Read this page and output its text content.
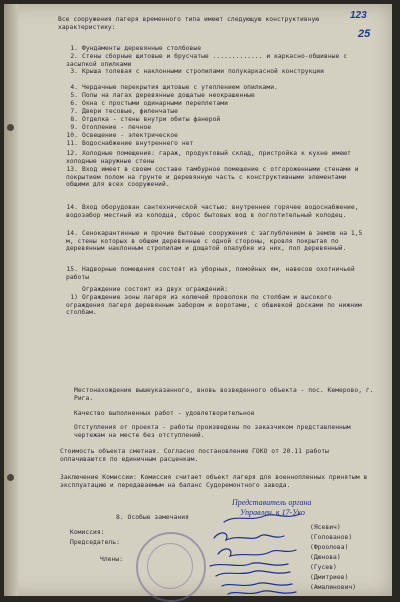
123
25
Все сооружения лагеря временного типа имеют следующую конструктивную характеристику:
1. Фундаменты деревянные столбовые
2. Стены сборные щитовые и брусчатые ............. и каркасно-обшивные с засыпкой опилками
3. Крыша толевая с наклонными стропилами полукаркасной конструкции
4. Чердачные перекрытия щитовые с утеплением опилками.
5. Полы на лагах деревянные дощатые неокрашенные
6. Окна с простыми одинарными переплетами
7. Двери тесовые, филенчатые
8. Отделка - стены внутри обиты фанерой
9. Отопление - печное
10. Освещение - электрическое
11. Водоснабжение внутреннего нет
12. Холодные помещения: гараж, продуктовый склад, пристройка к кухне имеют холодные наружные стены
13. Вход имеет в своем составе тамбурное помещение с отгороженными стенами и покрытием полом на грунте и деревянную часть с конструктивными элементами общими для всех сооружений.
14. Вход оборудован сантехнической частью: внутреннее горячее водоснабжение, водозабор местный из колодца, сброс бытовых вод в поглотительный колодец.
14. Сенокарантинные и прочие бытовые сооружения с заглублением в землю на 1,5 м, стены которых в общем деревянные с одной стороны, кровля покрытая по деревянным наклонным стропилам и дощатой опалубке из них, пол деревянный.
15. Надворные помещения состоят из уборных, помойных ям, навесов охотничьей работы
Ограждение состоит из двух ограждений:
1) Ограждение зоны лагеря из колючей проволоки по столбам и высокого ограждения лагеря деревянным забором и воротами, с обшивкой досками по нижним столбам.
Местонахождение вышеуказанного, вновь возведенного объекта - пос. Кемерово, г. Рига.
Качество выполненных работ - удовлетворительное
Отступления от проекта - работы произведены по заказчиком представленным чертежам на месте без отступлений.
Стоимость объекта сметная. Согласно постановлению ГОКО от 20.11 работы оплачиваются по единичным расценкам.
Заключение Комиссии: Комиссия считает объект лагеря для военнопленных принятым в эксплуатацию и передаваемым на баланс Судоремонтного завода.
8. Особые замечания
Представитель органа
Управлен. к 17-Уко
Комиссия:
Председатель:
Члены:
(Ясевич)
(Голованов)
(Фроолова)
(Дюнова)
(Гусев)
(Дмитриев)
(Амалинович)
